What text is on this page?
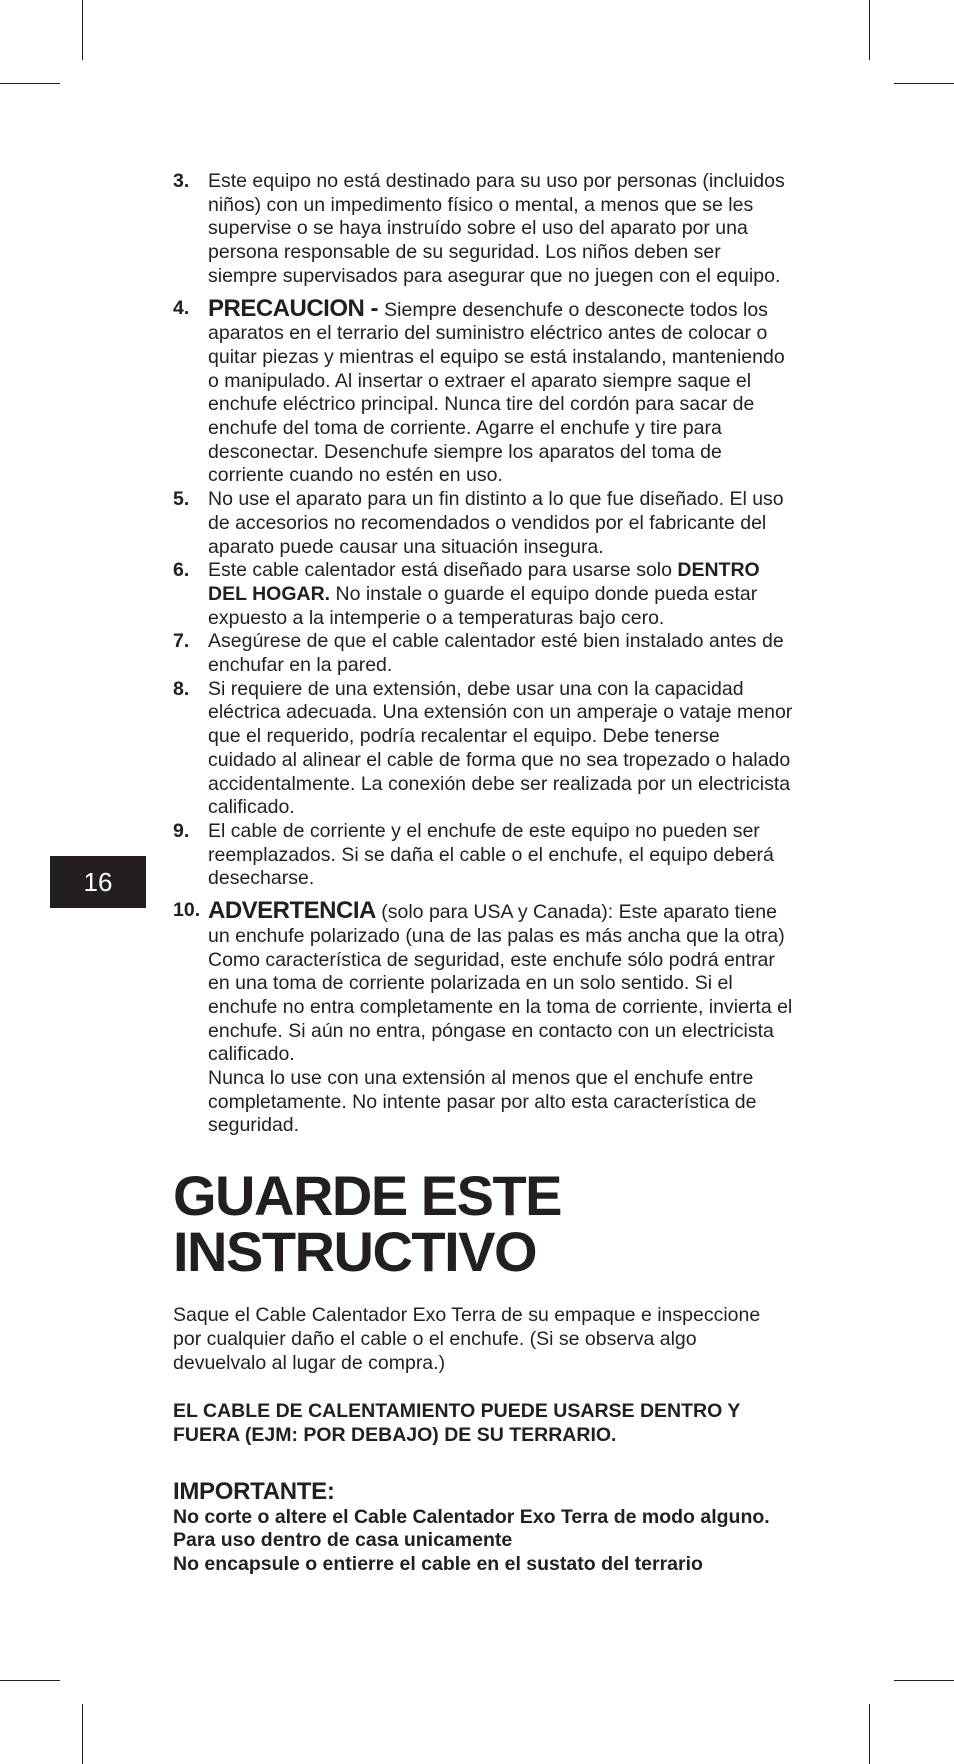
16
3. Este equipo no está destinado para su uso por personas (incluidos niños) con un impedimento físico o mental, a menos que se les supervise o se haya instruído sobre el uso del aparato por una persona responsable de su seguridad. Los niños deben ser siempre supervisados para asegurar que no juegen con el equipo.
4. PRECAUCION - Siempre desenchufe o desconecte todos los aparatos en el terrario del suministro eléctrico antes de colocar o quitar piezas y mientras el equipo se está instalando, manteniendo o manipulado. Al insertar o extraer el aparato siempre saque el enchufe eléctrico principal. Nunca tire del cordón para sacar de enchufe del toma de corriente. Agarre el enchufe y tire para desconectar. Desenchufe siempre los aparatos del toma de corriente cuando no estén en uso.
5. No use el aparato para un fin distinto a lo que fue diseñado. El uso de accesorios no recomendados o vendidos por el fabricante del aparato puede causar una situación insegura.
6. Este cable calentador está diseñado para usarse solo DENTRO DEL HOGAR. No instale o guarde el equipo donde pueda estar expuesto a la intemperie o a temperaturas bajo cero.
7. Asegúrese de que el cable calentador esté bien instalado antes de enchufar en la pared.
8. Si requiere de una extensión, debe usar una con la capacidad eléctrica adecuada. Una extensión con un amperaje o vataje menor que el requerido, podría recalentar el equipo. Debe tenerse cuidado al alinear el cable de forma que no sea tropezado o halado accidentalmente. La conexión debe ser realizada por un electricista calificado.
9. El cable de corriente y el enchufe de este equipo no pueden ser reemplazados. Si se daña el cable o el enchufe, el equipo deberá desecharse.
10. ADVERTENCIA (solo para USA y Canada): Este aparato tiene un enchufe polarizado (una de las palas es más ancha que la otra) Como característica de seguridad, este enchufe sólo podrá entrar en una toma de corriente polarizada en un solo sentido. Si el enchufe no entra completamente en la toma de corriente, invierta el enchufe. Si aún no entra, póngase en contacto con un electricista calificado.
Nunca lo use con una extensión al menos que el enchufe entre completamente. No intente pasar por alto esta característica de seguridad.
GUARDE ESTE
INSTRUCTIVO
Saque el Cable Calentador Exo Terra de su empaque e inspeccione por cualquier daño el cable o el enchufe. (Si se observa algo devuelvalo al lugar de compra.)
EL CABLE DE CALENTAMIENTO PUEDE USARSE DENTRO Y FUERA (EJM: POR DEBAJO) DE SU TERRARIO.
IMPORTANTE:
No corte o altere el Cable Calentador Exo Terra de modo alguno.
Para uso dentro de casa unicamente
No encapsule o entierre el cable en el sustato del terrario
